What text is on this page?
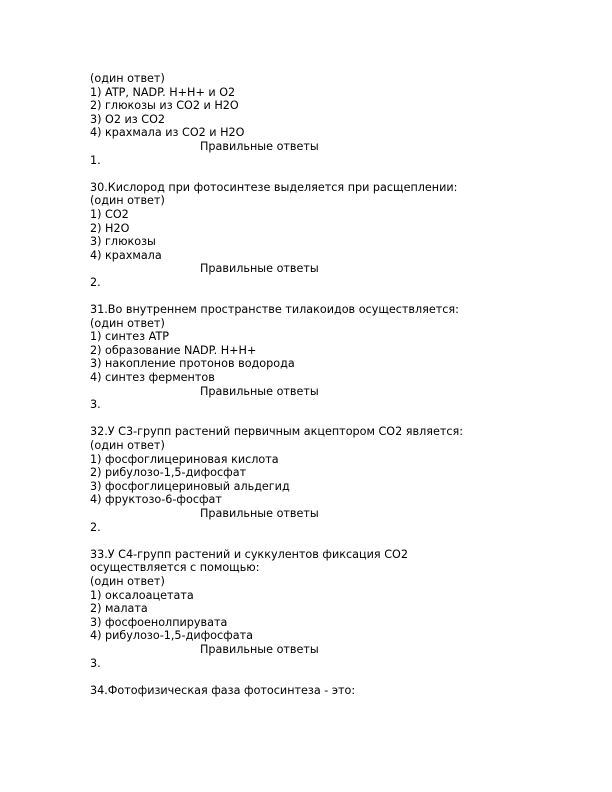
(один ответ)
1) ATP, NADP. H+H+ и O2
2) глюкозы из CO2 и H2O
3) O2 из CO2
4) крахмала из CO2 и H2O
Правильные ответы
1.
30.Кислород при фотосинтезе выделяется при расщеплении:
(один ответ)
1) CO2
2) H2O
3) глюкозы
4) крахмала
Правильные ответы
2.
31.Во внутреннем пространстве тилакоидов осуществляется:
(один ответ)
1) синтез ATP
2) образование NADP. H+H+
3) накопление протонов водорода
4) синтез ферментов
Правильные ответы
3.
32.У С3-групп растений первичным акцептором CO2 является:
(один ответ)
1) фосфоглицериновая кислота
2) рибулозо-1,5-дифосфат
3) фосфоглицериновый альдегид
4) фруктозо-6-фосфат
Правильные ответы
2.
33.У С4-групп растений и суккулентов фиксация CO2
осуществляется с помощью:
(один ответ)
1) оксалоацетата
2) малата
3) фосфоенолпирувата
4) рибулозо-1,5-дифосфата
Правильные ответы
3.
34.Фотофизическая фаза фотосинтеза - это:
